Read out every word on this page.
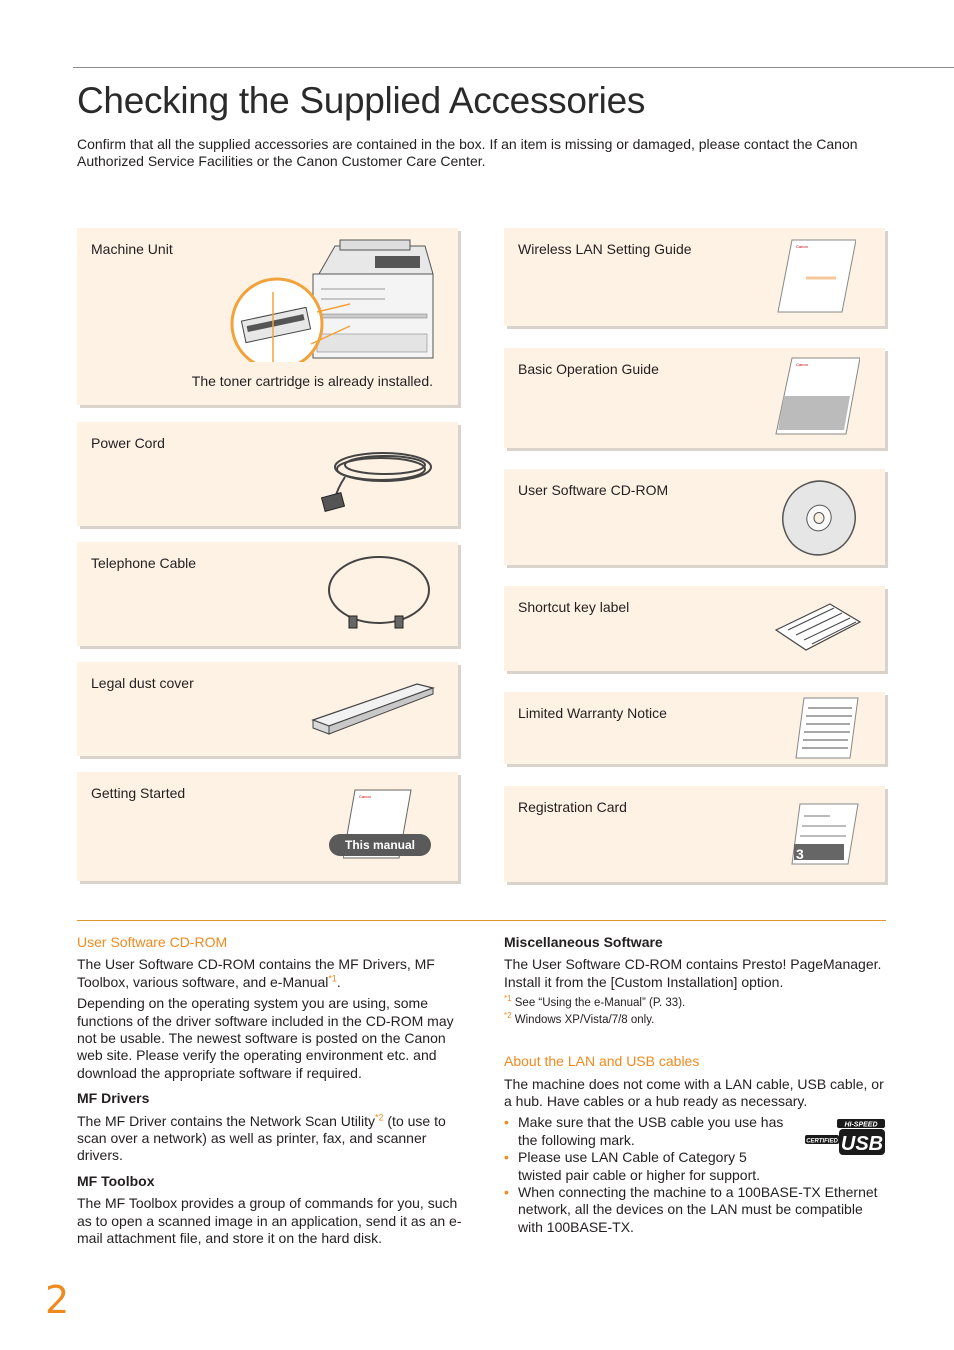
Checking the Supplied Accessories

Confirm that all the supplied accessories are contained in the box. If an item is missing or damaged, please contact the Canon Authorized Service Facilities or the Canon Customer Care Center.

Machine Unit
The toner cartridge is already installed.
Power Cord
Telephone Cable
Legal dust cover
Getting Started	Canon
This manual
Wireless LAN Setting Guide	Canon
Basic Operation Guide	Canon
User Software CD-ROM
Shortcut key label
Limited Warranty Notice
Registration Card
3
User Software CD-ROM

The User Software CD-ROM contains the MF Drivers, MF Toolbox, various software, and e-Manual$^{*1}$.

Depending on the operating system you are using, some functions of the driver software included in the CD-ROM may not be usable. The newest software is posted on the Canon web site. Please verify the operating environment etc. and download the appropriate software if required.

MF Drivers

The MF Driver contains the Network Scan Utility$^{*2}$ (to use to scan over a network) as well as printer, fax, and scanner drivers.

MF Toolbox

The MF Toolbox provides a group of commands for you, such as to open a scanned image in an application, send it as an e-mail attachment file, and store it on the hard disk.

Miscellaneous Software

The User Software CD-ROM contains Presto! PageManager. Install it from the [Custom Installation] option.

$^{*1}$ See “Using the e-Manual” (P. 33).
$^{*2}$ Windows XP/Vista/7/8 only.
About the LAN and USB cables

The machine does not come with a LAN cable, USB cable, or a hub. Have cables or a hub ready as necessary.

• Make sure that the USB cable you use has the following mark.
• Please use LAN Cable of Category 5 twisted pair cable or higher for support.
• When connecting the machine to a 100BASE-TX Ethernet network, all the devices on the LAN must be compatible with 100BASE-TX.
HI-SPEED
CERTIFIED USB
2
